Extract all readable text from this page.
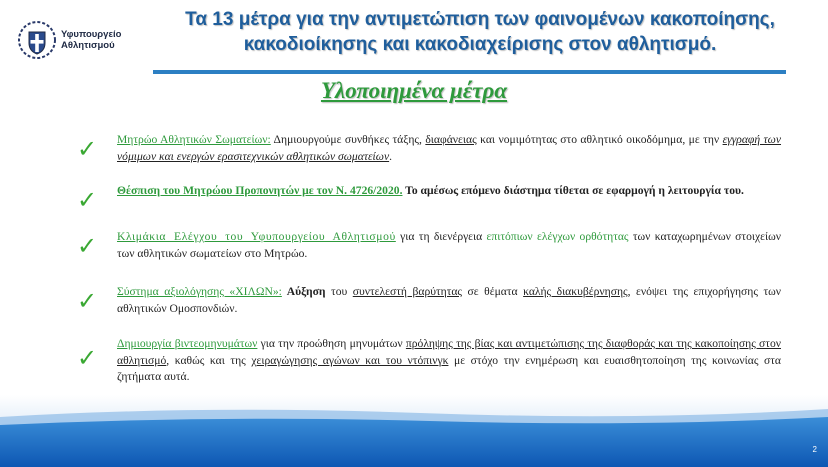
Υφυπουργείο
Αθλητισμού
Τα 13 μέτρα για την αντιμετώπιση των φαινομένων κακοποίησης,
κακοδιοίκησης και κακοδιαχείρισης στον αθλητισμό.
Υλοποιημένα μέτρα
✓	Μητρώο Αθλητικών Σωματείων: Δημιουργούμε συνθήκες τάξης, διαφάνειας και νομιμότητας στο αθλητικό οικοδόμημα, με την εγγραφή των νόμιμων και ενεργών ερασιτεχνικών αθλητικών σωματείων.
✓	Θέσπιση του Μητρώου Προπονητών με τον Ν. 4726/2020. Το αμέσως επόμενο διάστημα τίθεται σε εφαρμογή η λειτουργία του.
✓	Κλιμάκια Ελέγχου του Υφυπουργείου Αθλητισμού για τη διενέργεια επιτόπιων ελέγχων ορθότητας των καταχωρημένων στοιχείων των αθλητικών σωματείων στο Μητρώο.
✓	Σύστημα αξιολόγησης «ΧΙΛΩΝ»: Αύξηση του συντελεστή βαρύτητας σε θέματα καλής διακυβέρνησης, ενόψει της επιχορήγησης των αθλητικών Ομοσπονδιών.
✓
Δημιουργία βιντεομηνυμάτων για την προώθηση μηνυμάτων πρόληψης της βίας και αντιμετώπισης της διαφθοράς και της κακοποίησης στον αθλητισμό, καθώς και της χειραγώγησης αγώνων και του ντόπινγκ με στόχο την ενημέρωση και ευαισθητοποίηση της κοινωνίας στα ζητήματα αυτά.
2
